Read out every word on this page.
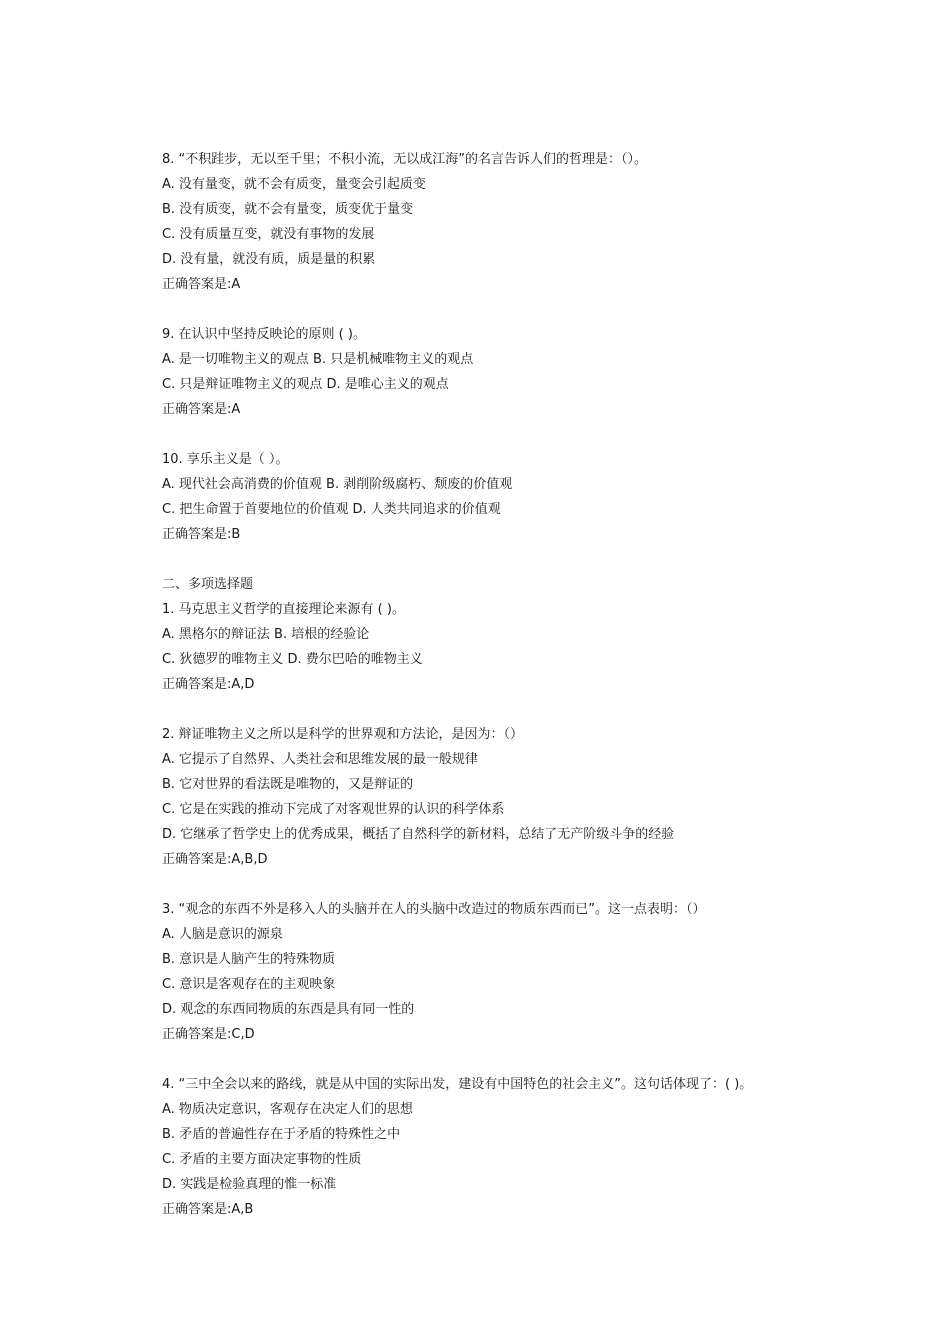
8. “不积跬步，无以至千里；不积小流，无以成江海”的名言告诉人们的哲理是：（）。
A. 没有量变，就不会有质变，量变会引起质变
B. 没有质变，就不会有量变，质变优于量变
C. 没有质量互变，就没有事物的发展
D. 没有量，就没有质，质是量的积累
正确答案是:A
9. 在认识中坚持反映论的原则 ( )。
A. 是一切唯物主义的观点 B. 只是机械唯物主义的观点
C. 只是辩证唯物主义的观点 D. 是唯心主义的观点
正确答案是:A
10. 享乐主义是（ ）。
A. 现代社会高消费的价值观 B. 剥削阶级腐朽、颓废的价值观
C. 把生命置于首要地位的价值观 D. 人类共同追求的价值观
正确答案是:B
二、多项选择题
1. 马克思主义哲学的直接理论来源有 ( )。
A. 黑格尔的辩证法 B. 培根的经验论
C. 狄德罗的唯物主义 D. 费尔巴哈的唯物主义
正确答案是:A,D
2. 辩证唯物主义之所以是科学的世界观和方法论，是因为：（）
A. 它提示了自然界、人类社会和思维发展的最一般规律
B. 它对世界的看法既是唯物的，又是辩证的
C. 它是在实践的推动下完成了对客观世界的认识的科学体系
D. 它继承了哲学史上的优秀成果，概括了自然科学的新材料，总结了无产阶级斗争的经验
正确答案是:A,B,D
3. “观念的东西不外是移入人的头脑并在人的头脑中改造过的物质东西而已”。这一点表明：（）
A. 人脑是意识的源泉
B. 意识是人脑产生的特殊物质
C. 意识是客观存在的主观映象
D. 观念的东西同物质的东西是具有同一性的
正确答案是:C,D
4. “三中全会以来的路线，就是从中国的实际出发，建设有中国特色的社会主义”。这句话体现了：( )。
A. 物质决定意识，客观存在决定人们的思想
B. 矛盾的普遍性存在于矛盾的特殊性之中
C. 矛盾的主要方面决定事物的性质
D. 实践是检验真理的惟一标准
正确答案是:A,B
